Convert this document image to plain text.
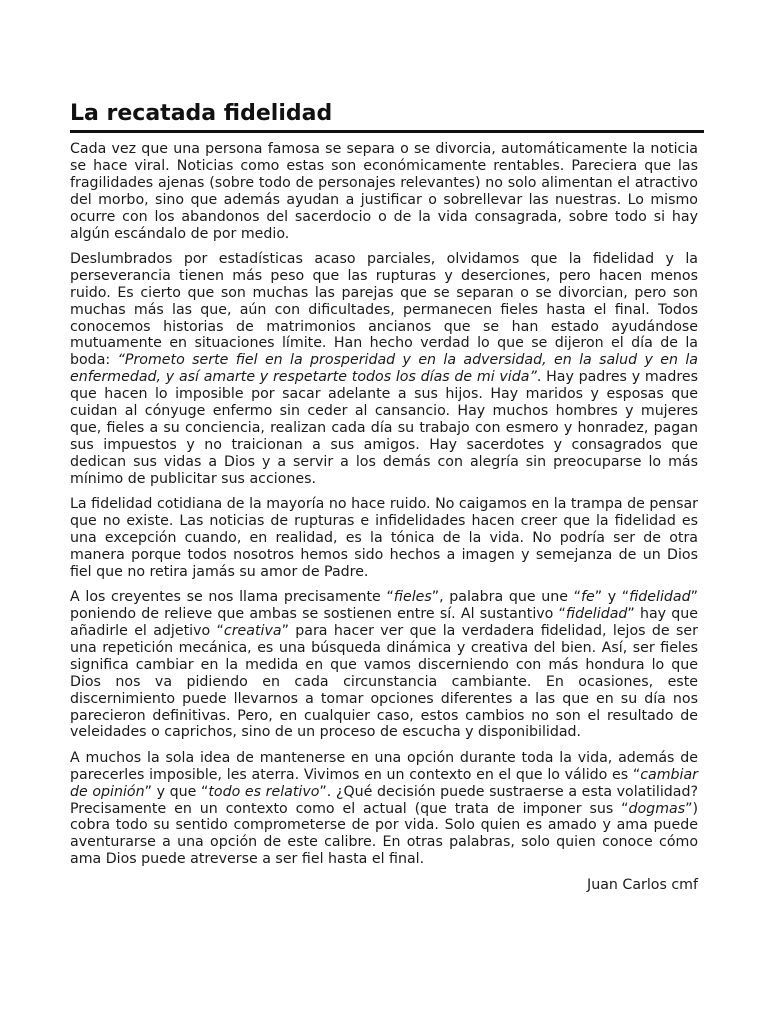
La recatada fidelidad

Cada vez que una persona famosa se separa o se divorcia, automáticamente la noticia se hace viral. Noticias como estas son económicamente rentables. Pareciera que las fragilidades ajenas (sobre todo de personajes relevantes) no solo alimentan el atractivo del morbo, sino que además ayudan a justificar o sobrellevar las nuestras. Lo mismo ocurre con los abandonos del sacerdocio o de la vida consagrada, sobre todo si hay algún escándalo de por medio.

Deslumbrados por estadísticas acaso parciales, olvidamos que la fidelidad y la perseverancia tienen más peso que las rupturas y deserciones, pero hacen menos ruido. Es cierto que son muchas las parejas que se separan o se divorcian, pero son muchas más las que, aún con dificultades, permanecen fieles hasta el final. Todos conocemos historias de matrimonios ancianos que se han estado ayudándose mutuamente en situaciones límite. Han hecho verdad lo que se dijeron el día de la boda: “Prometo serte fiel en la prosperidad y en la adversidad, en la salud y en la enfermedad, y así amarte y respetarte todos los días de mi vida”. Hay padres y madres que hacen lo imposible por sacar adelante a sus hijos. Hay maridos y esposas que cuidan al cónyuge enfermo sin ceder al cansancio. Hay muchos hombres y mujeres que, fieles a su conciencia, realizan cada día su trabajo con esmero y honradez, pagan sus impuestos y no traicionan a sus amigos. Hay sacerdotes y consagrados que dedican sus vidas a Dios y a servir a los demás con alegría sin preocuparse lo más mínimo de publicitar sus acciones.

La fidelidad cotidiana de la mayoría no hace ruido. No caigamos en la trampa de pensar que no existe. Las noticias de rupturas e infidelidades hacen creer que la fidelidad es una excepción cuando, en realidad, es la tónica de la vida. No podría ser de otra manera porque todos nosotros hemos sido hechos a imagen y semejanza de un Dios fiel que no retira jamás su amor de Padre.

A los creyentes se nos llama precisamente “fieles”, palabra que une “fe” y “fidelidad” poniendo de relieve que ambas se sostienen entre sí. Al sustantivo “fidelidad” hay que añadirle el adjetivo “creativa” para hacer ver que la verdadera fidelidad, lejos de ser una repetición mecánica, es una búsqueda dinámica y creativa del bien. Así, ser fieles significa cambiar en la medida en que vamos discerniendo con más hondura lo que Dios nos va pidiendo en cada circunstancia cambiante. En ocasiones, este discernimiento puede llevarnos a tomar opciones diferentes a las que en su día nos parecieron definitivas. Pero, en cualquier caso, estos cambios no son el resultado de veleidades o caprichos, sino de un proceso de escucha y disponibilidad.

A muchos la sola idea de mantenerse en una opción durante toda la vida, además de parecerles imposible, les aterra. Vivimos en un contexto en el que lo válido es “cambiar de opinión” y que “todo es relativo”. ¿Qué decisión puede sustraerse a esta volatilidad? Precisamente en un contexto como el actual (que trata de imponer sus “dogmas”) cobra todo su sentido comprometerse de por vida. Solo quien es amado y ama puede aventurarse a una opción de este calibre. En otras palabras, solo quien conoce cómo ama Dios puede atreverse a ser fiel hasta el final.

Juan Carlos cmf
